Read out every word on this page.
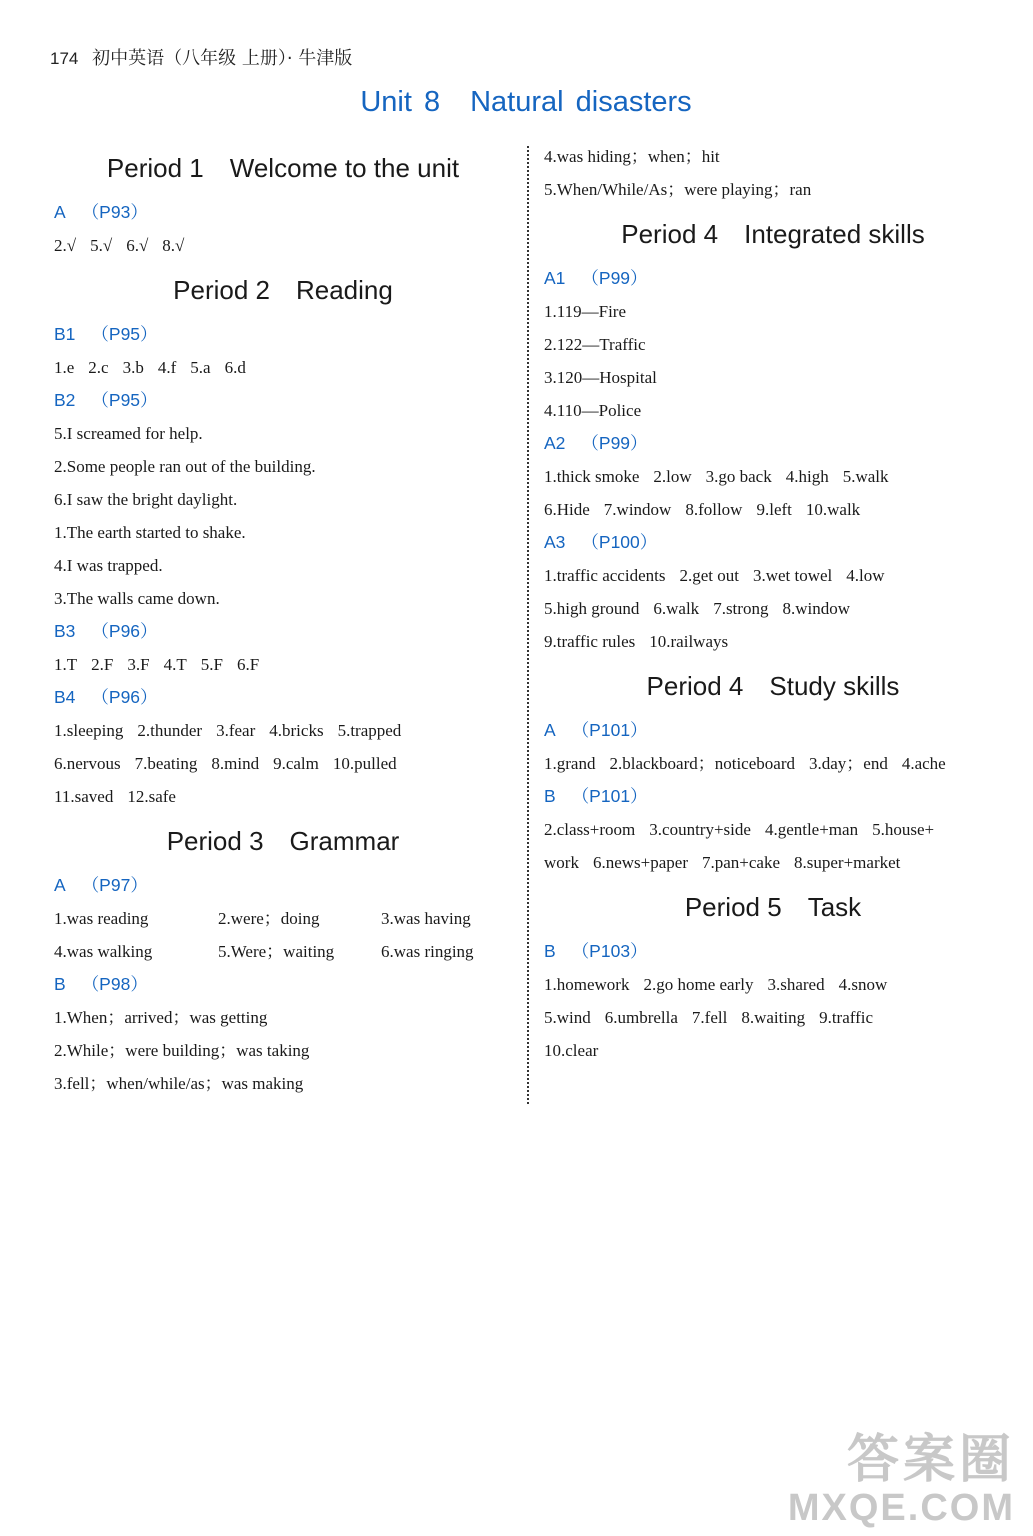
174 初中英语（八年级 上册）· 牛津版
Unit 8 Natural disasters
Period 1 Welcome to the unit
A （P93）
2.√ 5.√ 6.√ 8.√
Period 2 Reading
B1 （P95）
1.e 2.c 3.b 4.f 5.a 6.d
B2 （P95）
5.I screamed for help.
2.Some people ran out of the building.
6.I saw the bright daylight.
1.The earth started to shake.
4.I was trapped.
3.The walls came down.
B3 （P96）
1.T 2.F 3.F 4.T 5.F 6.F
B4 （P96）
1.sleeping 2.thunder 3.fear 4.bricks 5.trapped
6.nervous 7.beating 8.mind 9.calm 10.pulled
11.saved 12.safe
Period 3 Grammar
A （P97）
1.was reading	2.were；doing	3.was having
4.was walking	5.Were；waiting	6.was ringing
B （P98）
1.When；arrived；was getting
2.While；were building；was taking
3.fell；when/while/as；was making
4.was hiding；when；hit
5.When/While/As；were playing；ran
Period 4 Integrated skills
A1 （P99）
1.119—Fire
2.122—Traffic
3.120—Hospital
4.110—Police
A2 （P99）
1.thick smoke 2.low 3.go back 4.high 5.walk
6.Hide 7.window 8.follow 9.left 10.walk
A3 （P100）
1.traffic accidents 2.get out 3.wet towel 4.low
5.high ground 6.walk 7.strong 8.window
9.traffic rules 10.railways
Period 4 Study skills
A （P101）
1.grand 2.blackboard；noticeboard 3.day；end 4.ache
B （P101）
2.class+room 3.country+side 4.gentle+man 5.house+
work 6.news+paper 7.pan+cake 8.super+market
Period 5 Task
B （P103）
1.homework 2.go home early 3.shared 4.snow
5.wind 6.umbrella 7.fell 8.waiting 9.traffic
10.clear
答案圈
MXQE.COM
